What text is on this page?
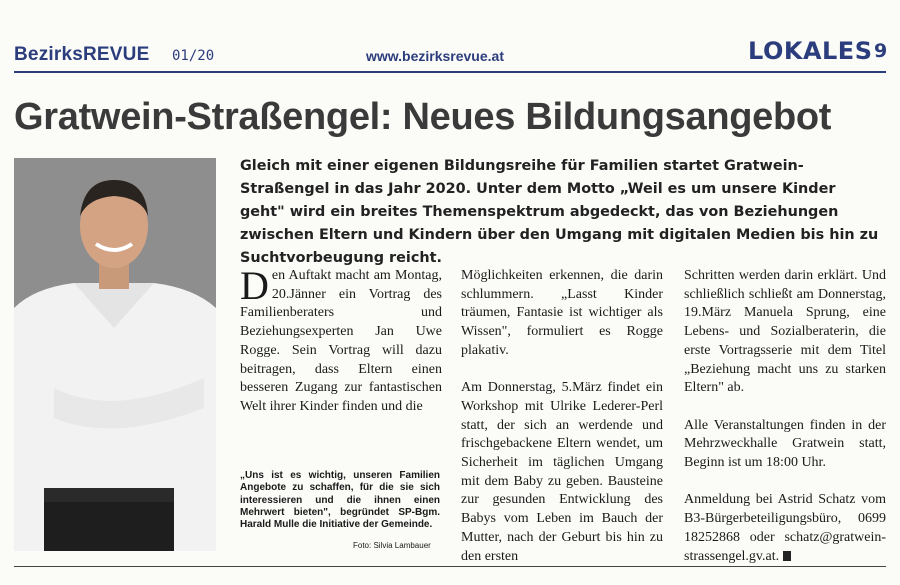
BezirksREVUE 01/20	www.bezirksrevue.at	LOKALES 9
Gratwein-Straßengel: Neues Bildungsangebot
Gleich mit einer eigenen Bildungsreihe für Familien startet Gratwein-Straßengel in das Jahr 2020. Unter dem Motto „Weil es um unsere Kinder geht" wird ein breites Themenspektrum abgedeckt, das von Beziehungen zwischen Eltern und Kindern über den Umgang mit digitalen Medien bis hin zu Suchtvorbeugung reicht.

Den Auftakt macht am Montag, 20.Jänner ein Vortrag des Familienberaters und Beziehungsexperten Jan Uwe Rogge. Sein Vortrag will dazu beitragen, dass Eltern einen besseren Zugang zur fantastischen Welt ihrer Kinder finden und die

„Uns ist es wichtig, unseren Familien Angebote zu schaffen, für die sie sich interessieren und die ihnen einen Mehrwert bieten", begründet SP-Bgm. Harald Mulle die Initiative der Gemeinde.
Foto: Silvia Lambauer

Möglichkeiten erkennen, die darin schlummern. „Lasst Kinder träumen, Fantasie ist wichtiger als Wissen", formuliert es Rogge plakativ.

Am Donnerstag, 5.März findet ein Workshop mit Ulrike Lederer-Perl statt, der sich an werdende und frischgebackene Eltern wendet, um Sicherheit im täglichen Umgang mit dem Baby zu geben. Bausteine zur gesunden Entwicklung des Babys vom Leben im Bauch der Mutter, nach der Geburt bis hin zu den ersten

Schritten werden darin erklärt. Und schließlich schließt am Donnerstag, 19.März Manuela Sprung, eine Lebens- und Sozialberaterin, die erste Vortragsserie mit dem Titel „Beziehung macht uns zu starken Eltern" ab.

Alle Veranstaltungen finden in der Mehrzweckhalle Gratwein statt, Beginn ist um 18:00 Uhr.

Anmeldung bei Astrid Schatz vom B3-Bürgerbeteiligungsbüro, 0699 18252868 oder schatz@gratwein-strassengel.gv.at.
